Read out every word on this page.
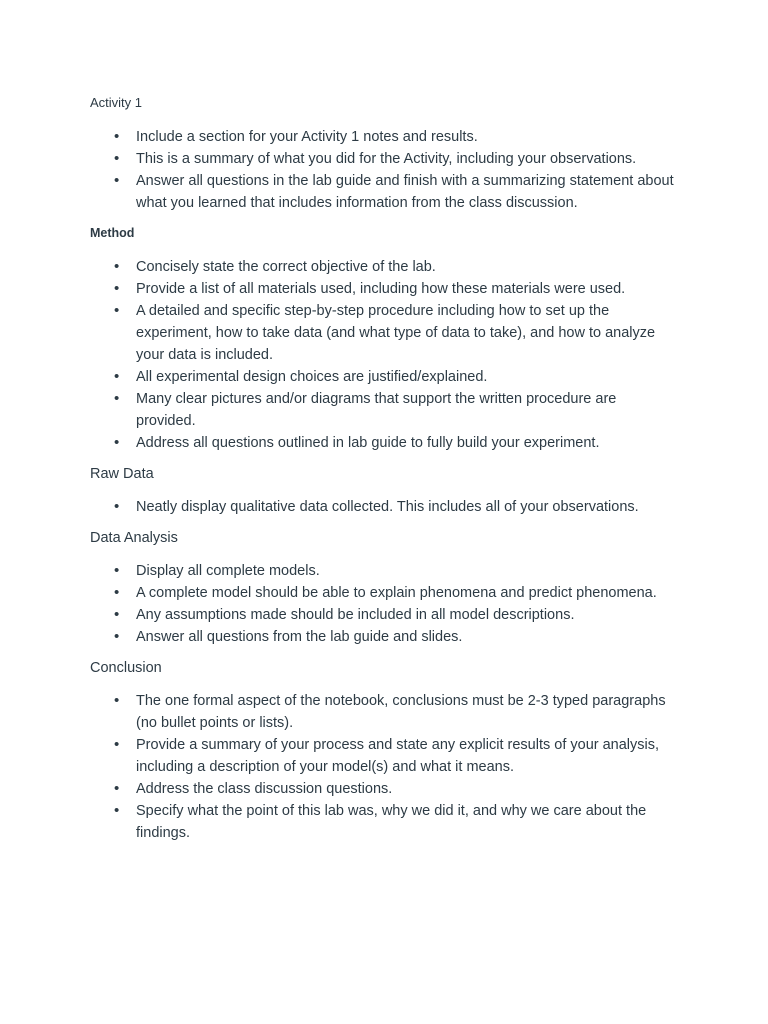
Activity 1
• Include a section for your Activity 1 notes and results.
• This is a summary of what you did for the Activity, including your observations.
• Answer all questions in the lab guide and finish with a summarizing statement about what you learned that includes information from the class discussion.
Method
• Concisely state the correct objective of the lab.
• Provide a list of all materials used, including how these materials were used.
• A detailed and specific step-by-step procedure including how to set up the experiment, how to take data (and what type of data to take), and how to analyze your data is included.
• All experimental design choices are justified/explained.
• Many clear pictures and/or diagrams that support the written procedure are provided.
• Address all questions outlined in lab guide to fully build your experiment.
Raw Data
• Neatly display qualitative data collected. This includes all of your observations.
Data Analysis
• Display all complete models.
• A complete model should be able to explain phenomena and predict phenomena.
• Any assumptions made should be included in all model descriptions.
• Answer all questions from the lab guide and slides.
Conclusion
• The one formal aspect of the notebook, conclusions must be 2-3 typed paragraphs (no bullet points or lists).
• Provide a summary of your process and state any explicit results of your analysis, including a description of your model(s) and what it means.
• Address the class discussion questions.
• Specify what the point of this lab was, why we did it, and why we care about the findings.
